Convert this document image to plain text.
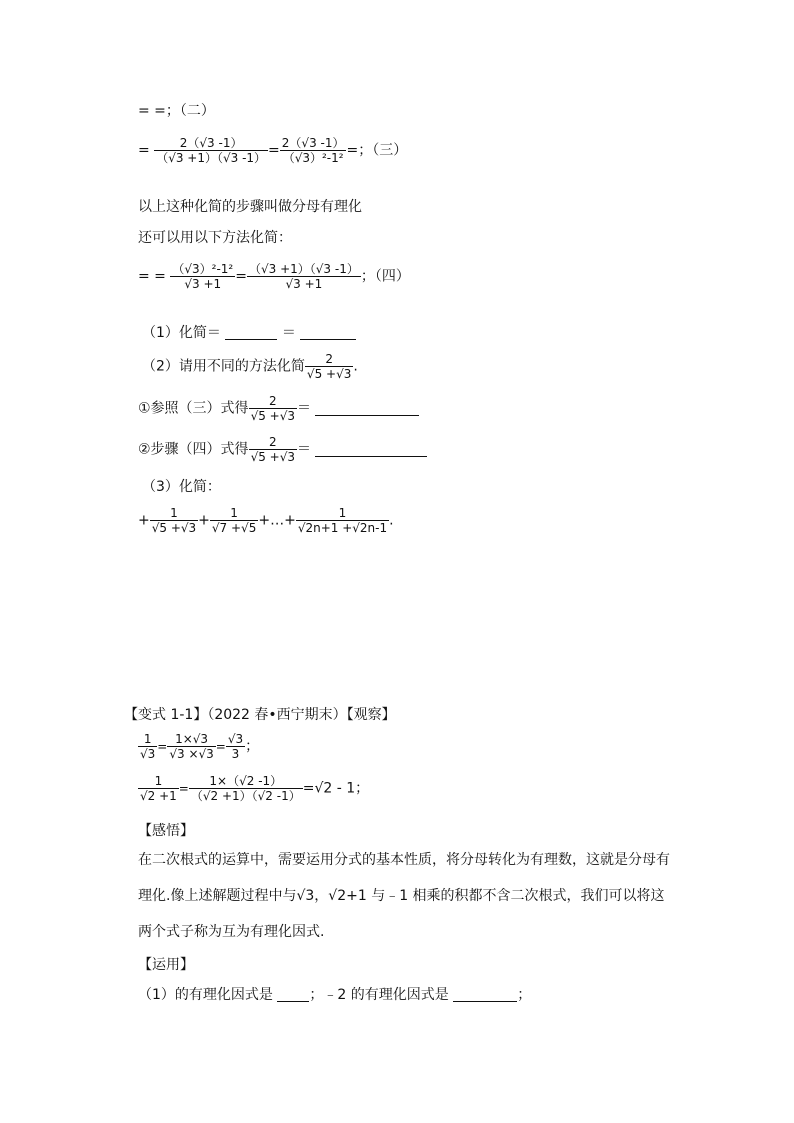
= =；（二）
= $\frac{2(√3 -1)}{(√3 +1)(√3 -1)} = \frac{2(√3 -1)}{\text{（√3）²-1²}}$ =；（三）
以上这种化简的步骤叫做分母有理化
还可以用以下方法化简：
= = $\frac{\text{（√3）²-1²}}{√3 +1} = \frac{(√3 +1)(√3 -1)}{√3 +1}$ ；（四）
（1）化简＝	＝
（2）请用不同的方法化简 $\frac{2}{√5 +√3}$ .
①参照（三）式得 $\frac{2}{√5 +√3}$ ＝
②步骤（四）式得 $\frac{2}{√5 +√3}$ ＝
（3）化简：
+ $\frac{1}{√5 +√3} + \frac{1}{√7 +√5}$ +…+ $\frac{1}{√2n+1 +√2n-1}$ .
【变式 1-1】（2022 春•西宁期末）【观察】
$\frac{1}{√3} = \frac{1\times√3}{√3 \times√3} = \frac{√3}{3}$ ；
$\frac{1}{√2 +1} = \frac{1\times(√2 -1)}{(√2 +1)(√2 -1)} =√2 - 1$；
【感悟】
在二次根式的运算中，需要运用分式的基本性质，将分母转化为有理数，这就是分母有理化.像上述解题过程中与√3，√2+1 与﹣1 相乘的积都不含二次根式，我们可以将这两个式子称为互为有理化因式.
【运用】
（1）的有理化因式是	；﹣2 的有理化因式是	；
